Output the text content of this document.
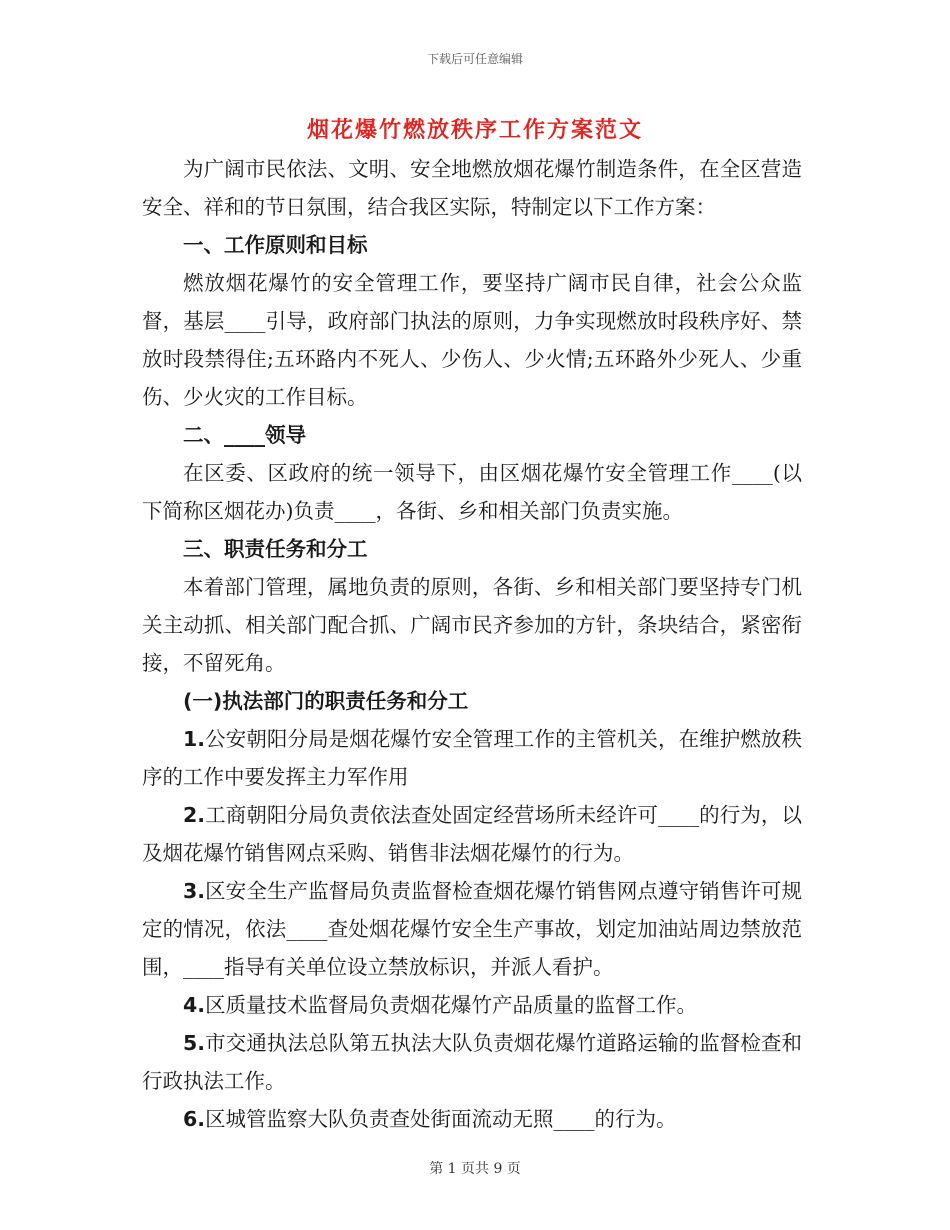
下载后可任意编辑
烟花爆竹燃放秩序工作方案范文

为广阔市民依法、文明、安全地燃放烟花爆竹制造条件，在全区营造安全、祥和的节日氛围，结合我区实际，特制定以下工作方案：

一、工作原则和目标

燃放烟花爆竹的安全管理工作，要坚持广阔市民自律，社会公众监督，基层____引导，政府部门执法的原则，力争实现燃放时段秩序好、禁放时段禁得住;五环路内不死人、少伤人、少火情;五环路外少死人、少重伤、少火灾的工作目标。

二、____领导

在区委、区政府的统一领导下，由区烟花爆竹安全管理工作____(以下简称区烟花办)负责____，各街、乡和相关部门负责实施。

三、职责任务和分工

本着部门管理，属地负责的原则，各街、乡和相关部门要坚持专门机关主动抓、相关部门配合抓、广阔市民齐参加的方针，条块结合，紧密衔接，不留死角。

(一)执法部门的职责任务和分工

1.公安朝阳分局是烟花爆竹安全管理工作的主管机关，在维护燃放秩序的工作中要发挥主力军作用

2.工商朝阳分局负责依法查处固定经营场所未经许可____的行为，以及烟花爆竹销售网点采购、销售非法烟花爆竹的行为。

3.区安全生产监督局负责监督检查烟花爆竹销售网点遵守销售许可规定的情况，依法____查处烟花爆竹安全生产事故，划定加油站周边禁放范围，____指导有关单位设立禁放标识，并派人看护。

4.区质量技术监督局负责烟花爆竹产品质量的监督工作。

5.市交通执法总队第五执法大队负责烟花爆竹道路运输的监督检查和行政执法工作。

6.区城管监察大队负责查处街面流动无照____的行为。

第 1 页共 9 页
